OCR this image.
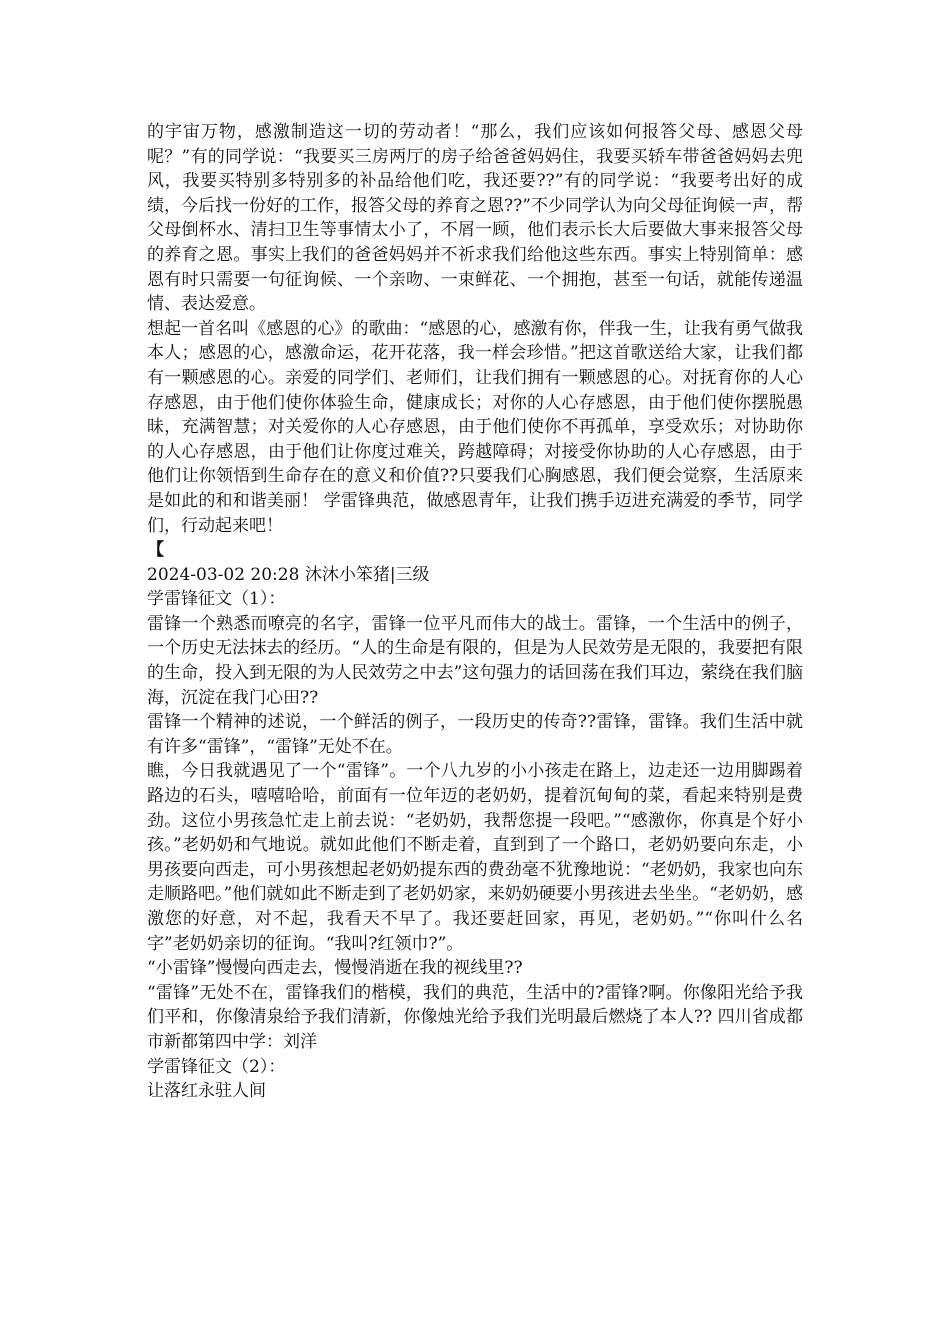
的宇宙万物，感激制造这一切的劳动者！“那么，我们应该如何报答父母、感恩父母呢？”有的同学说：“我要买三房两厅的房子给爸爸妈妈住，我要买轿车带爸爸妈妈去兜风，我要买特别多特别多的补品给他们吃，我还要??”有的同学说：“我要考出好的成绩，今后找一份好的工作，报答父母的养育之恩??”不少同学认为向父母征询候一声，帮父母倒杯水、清扫卫生等事情太小了，不屑一顾，他们表示长大后要做大事来报答父母的养育之恩。事实上我们的爸爸妈妈并不祈求我们给他这些东西。事实上特别简单：感恩有时只需要一句征询候、一个亲吻、一束鲜花、一个拥抱，甚至一句话，就能传递温情、表达爱意。

想起一首名叫《感恩的心》的歌曲：“感恩的心，感激有你，伴我一生，让我有勇气做我本人；感恩的心，感激命运，花开花落，我一样会珍惜。”把这首歌送给大家，让我们都有一颗感恩的心。亲爱的同学们、老师们，让我们拥有一颗感恩的心。对抚育你的人心存感恩，由于他们使你体验生命，健康成长；对你的人心存感恩，由于他们使你摆脱愚昧，充满智慧；对关爱你的人心存感恩，由于他们使你不再孤单，享受欢乐；对协助你的人心存感恩，由于他们让你度过难关，跨越障碍；对接受你协助的人心存感恩，由于他们让你领悟到生命存在的意义和价值??只要我们心胸感恩，我们便会觉察，生活原来是如此的和和谐美丽！ 学雷锋典范，做感恩青年，让我们携手迈进充满爱的季节，同学们，行动起来吧！

【

2024-03-02 20:28 沐沐小笨猪|三级

学雷锋征文（1）：

雷锋一个熟悉而嘹亮的名字，雷锋一位平凡而伟大的战士。雷锋，一个生活中的例子，一个历史无法抹去的经历。“人的生命是有限的，但是为人民效劳是无限的，我要把有限的生命，投入到无限的为人民效劳之中去”这句强力的话回荡在我们耳边，萦绕在我们脑海，沉淀在我门心田??

雷锋一个精神的述说，一个鲜活的例子，一段历史的传奇??雷锋，雷锋。我们生活中就有许多“雷锋”，“雷锋”无处不在。

瞧，今日我就遇见了一个“雷锋”。一个八九岁的小小孩走在路上，边走还一边用脚踢着路边的石头，嘻嘻哈哈，前面有一位年迈的老奶奶，提着沉甸甸的菜，看起来特别是费劲。这位小男孩急忙走上前去说：“老奶奶，我帮您提一段吧。”“感激你，你真是个好小孩。”老奶奶和气地说。就如此他们不断走着，直到到了一个路口，老奶奶要向东走，小男孩要向西走，可小男孩想起老奶奶提东西的费劲毫不犹豫地说：“老奶奶，我家也向东走顺路吧。”他们就如此不断走到了老奶奶家，来奶奶硬要小男孩进去坐坐。“老奶奶，感激您的好意，对不起，我看天不早了。我还要赶回家，再见，老奶奶。”“你叫什么名字”老奶奶亲切的征询。“我叫?红领巾?”。

“小雷锋”慢慢向西走去，慢慢消逝在我的视线里??

“雷锋”无处不在，雷锋我们的楷模，我们的典范，生活中的?雷锋?啊。你像阳光给予我们平和，你像清泉给予我们清新，你像烛光给予我们光明最后燃烧了本人?? 四川省成都市新都第四中学：刘洋

学雷锋征文（2）：

让落红永驻人间
